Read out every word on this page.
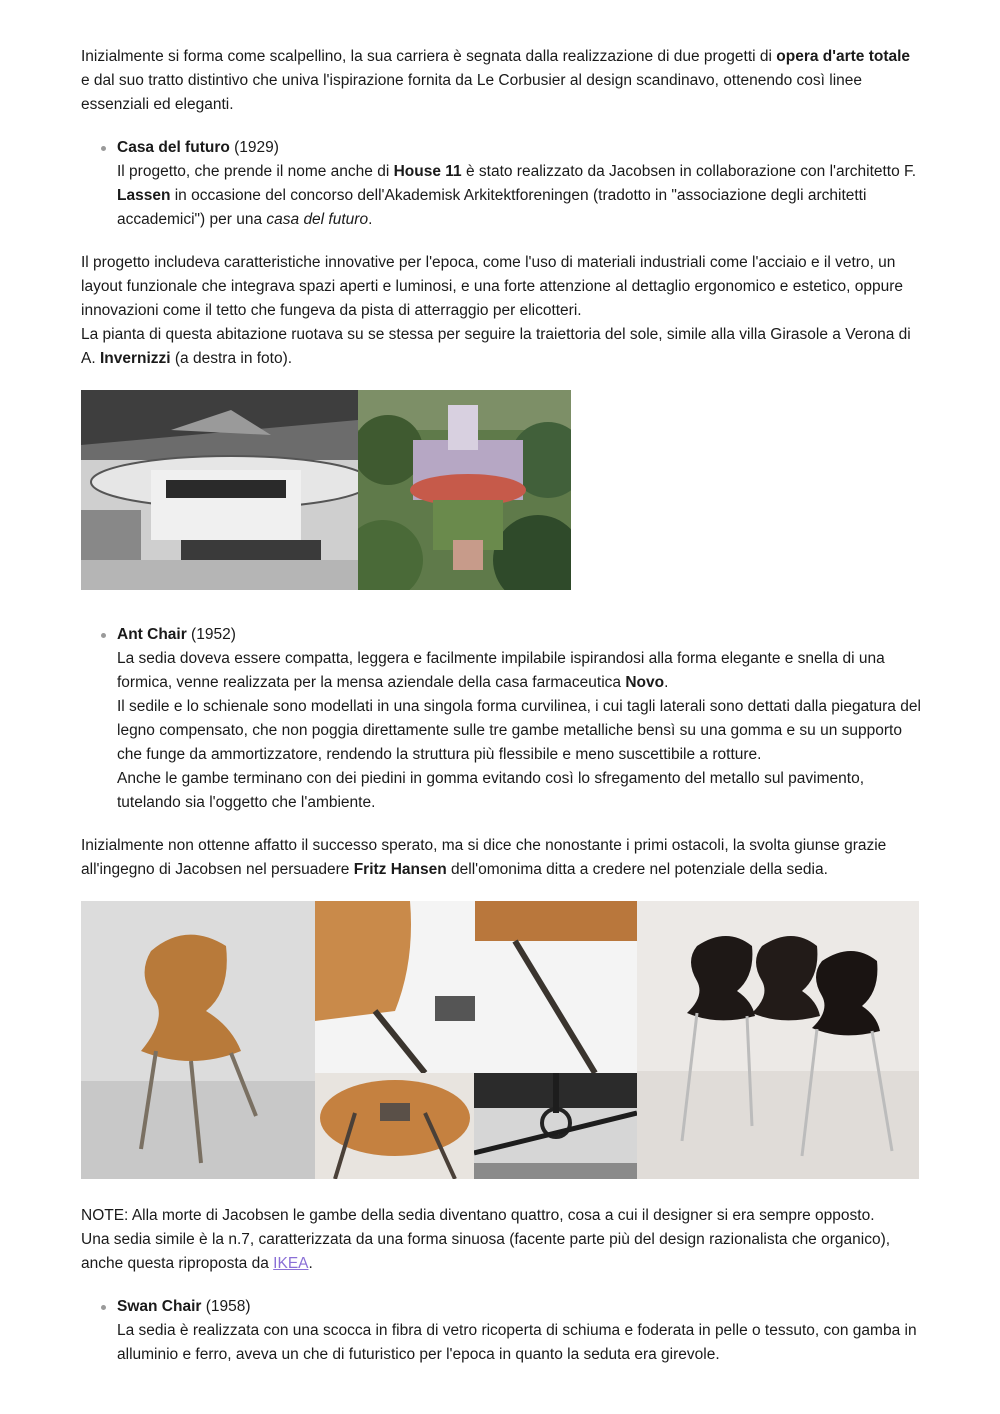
Inizialmente si forma come scalpellino, la sua carriera è segnata dalla realizzazione di due progetti di opera d'arte totale e dal suo tratto distintivo che univa l'ispirazione fornita da Le Corbusier al design scandinavo, ottenendo così linee essenziali ed eleganti.

Casa del futuro (1929)

Il progetto, che prende il nome anche di House 11 è stato realizzato da Jacobsen in collaborazione con l'architetto F. Lassen in occasione del concorso dell'Akademisk Arkitektforeningen (tradotto in "associazione degli architetti accademici") per una casa del futuro.

Il progetto includeva caratteristiche innovative per l'epoca, come l'uso di materiali industriali come l'acciaio e il vetro, un layout funzionale che integrava spazi aperti e luminosi, e una forte attenzione al dettaglio ergonomico e estetico, oppure innovazioni come il tetto che fungeva da pista di atterraggio per elicotteri.

La pianta di questa abitazione ruotava su se stessa per seguire la traiettoria del sole, simile alla villa Girasole a Verona di A. Invernizzi (a destra in foto).

Ant Chair (1952)

La sedia doveva essere compatta, leggera e facilmente impilabile ispirandosi alla forma elegante e snella di una formica, venne realizzata per la mensa aziendale della casa farmaceutica Novo.

Il sedile e lo schienale sono modellati in una singola forma curvilinea, i cui tagli laterali sono dettati dalla piegatura del legno compensato, che non poggia direttamente sulle tre gambe metalliche bensì su una gomma e su un supporto che funge da ammortizzatore, rendendo la struttura più flessibile e meno suscettibile a rotture.

Anche le gambe terminano con dei piedini in gomma evitando così lo sfregamento del metallo sul pavimento, tutelando sia l'oggetto che l'ambiente.

Inizialmente non ottenne affatto il successo sperato, ma si dice che nonostante i primi ostacoli, la svolta giunse grazie all'ingegno di Jacobsen nel persuadere Fritz Hansen dell'omonima ditta a credere nel potenziale della sedia.

NOTE: Alla morte di Jacobsen le gambe della sedia diventano quattro, cosa a cui il designer si era sempre opposto.

Una sedia simile è la n.7, caratterizzata da una forma sinuosa (facente parte più del design razionalista che organico), anche questa riproposta da IKEA.

Swan Chair (1958)

La sedia è realizzata con una scocca in fibra di vetro ricoperta di schiuma e foderata in pelle o tessuto, con gamba in alluminio e ferro, aveva un che di futuristico per l'epoca in quanto la seduta era girevole.
